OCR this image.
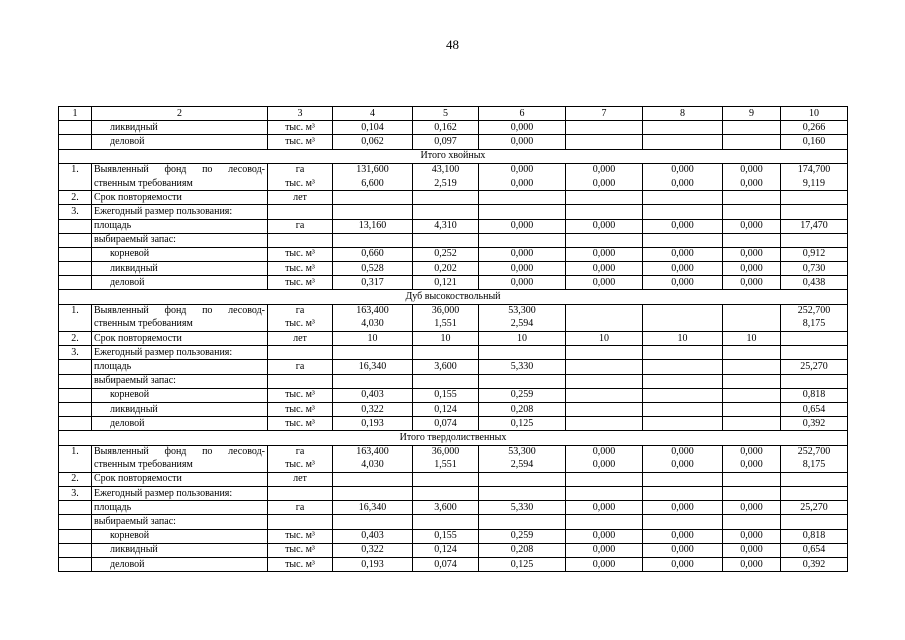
48
1	2	3	4	5	6	7	8	9	10
	ликвидный	тыс. м³	0,104	0,162	0,000				0,266
	деловой	тыс. м³	0,062	0,097	0,000				0,160
Итого хвойных									
1.	Выявленный фонд по лесовод-	га	131,600	43,100	0,000	0,000	0,000	0,000	174,700
	ственным требованиям	тыс. м³	6,600	2,519	0,000	0,000	0,000	0,000	9,119
2.	Срок повторяемости	лет							
3.	Ежегодный размер пользования:								
	площадь	га	13,160	4,310	0,000	0,000	0,000	0,000	17,470
	выбираемый запас:								
	корневой	тыс. м³	0,660	0,252	0,000	0,000	0,000	0,000	0,912
	ликвидный	тыс. м³	0,528	0,202	0,000	0,000	0,000	0,000	0,730
	деловой	тыс. м³	0,317	0,121	0,000	0,000	0,000	0,000	0,438
Дуб высокоствольный									
1.	Выявленный фонд по лесовод-	га	163,400	36,000	53,300				252,700
	ственным требованиям	тыс. м³	4,030	1,551	2,594				8,175
2.	Срок повторяемости	лет	10	10	10	10	10	10	
3.	Ежегодный размер пользования:								
	площадь	га	16,340	3,600	5,330				25,270
	выбираемый запас:								
	корневой	тыс. м³	0,403	0,155	0,259				0,818
	ликвидный	тыс. м³	0,322	0,124	0,208				0,654
	деловой	тыс. м³	0,193	0,074	0,125				0,392
Итого твердолиственных									
1.	Выявленный фонд по лесовод-	га	163,400	36,000	53,300	0,000	0,000	0,000	252,700
	ственным требованиям	тыс. м³	4,030	1,551	2,594	0,000	0,000	0,000	8,175
2.	Срок повторяемости	лет							
3.	Ежегодный размер пользования:								
	площадь	га	16,340	3,600	5,330	0,000	0,000	0,000	25,270
	выбираемый запас:								
	корневой	тыс. м³	0,403	0,155	0,259	0,000	0,000	0,000	0,818
	ликвидный	тыс. м³	0,322	0,124	0,208	0,000	0,000	0,000	0,654
	деловой	тыс. м³	0,193	0,074	0,125	0,000	0,000	0,000	0,392
